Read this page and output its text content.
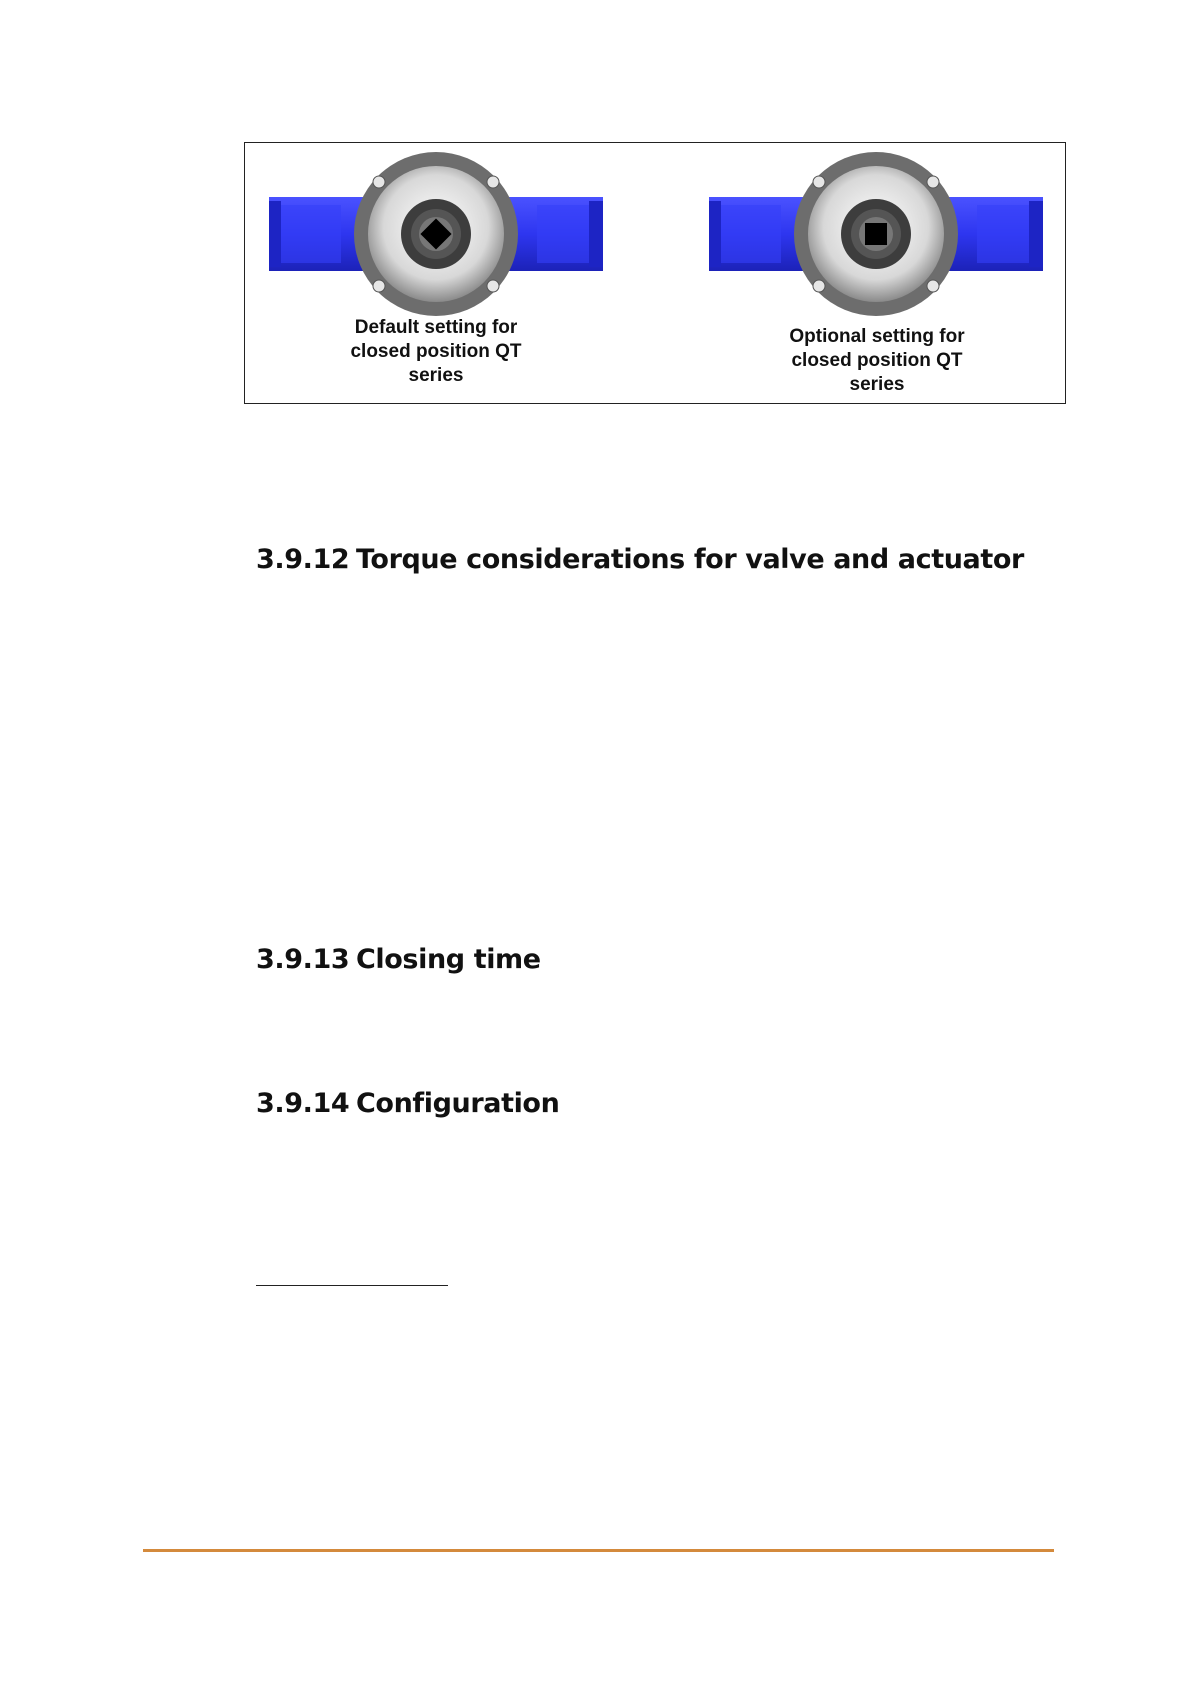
Default setting for
closed position QT
series
Optional setting for
closed position QT
series
3.9.12 Torque considerations for valve and actuator
3.9.13 Closing time
3.9.14 Configuration
